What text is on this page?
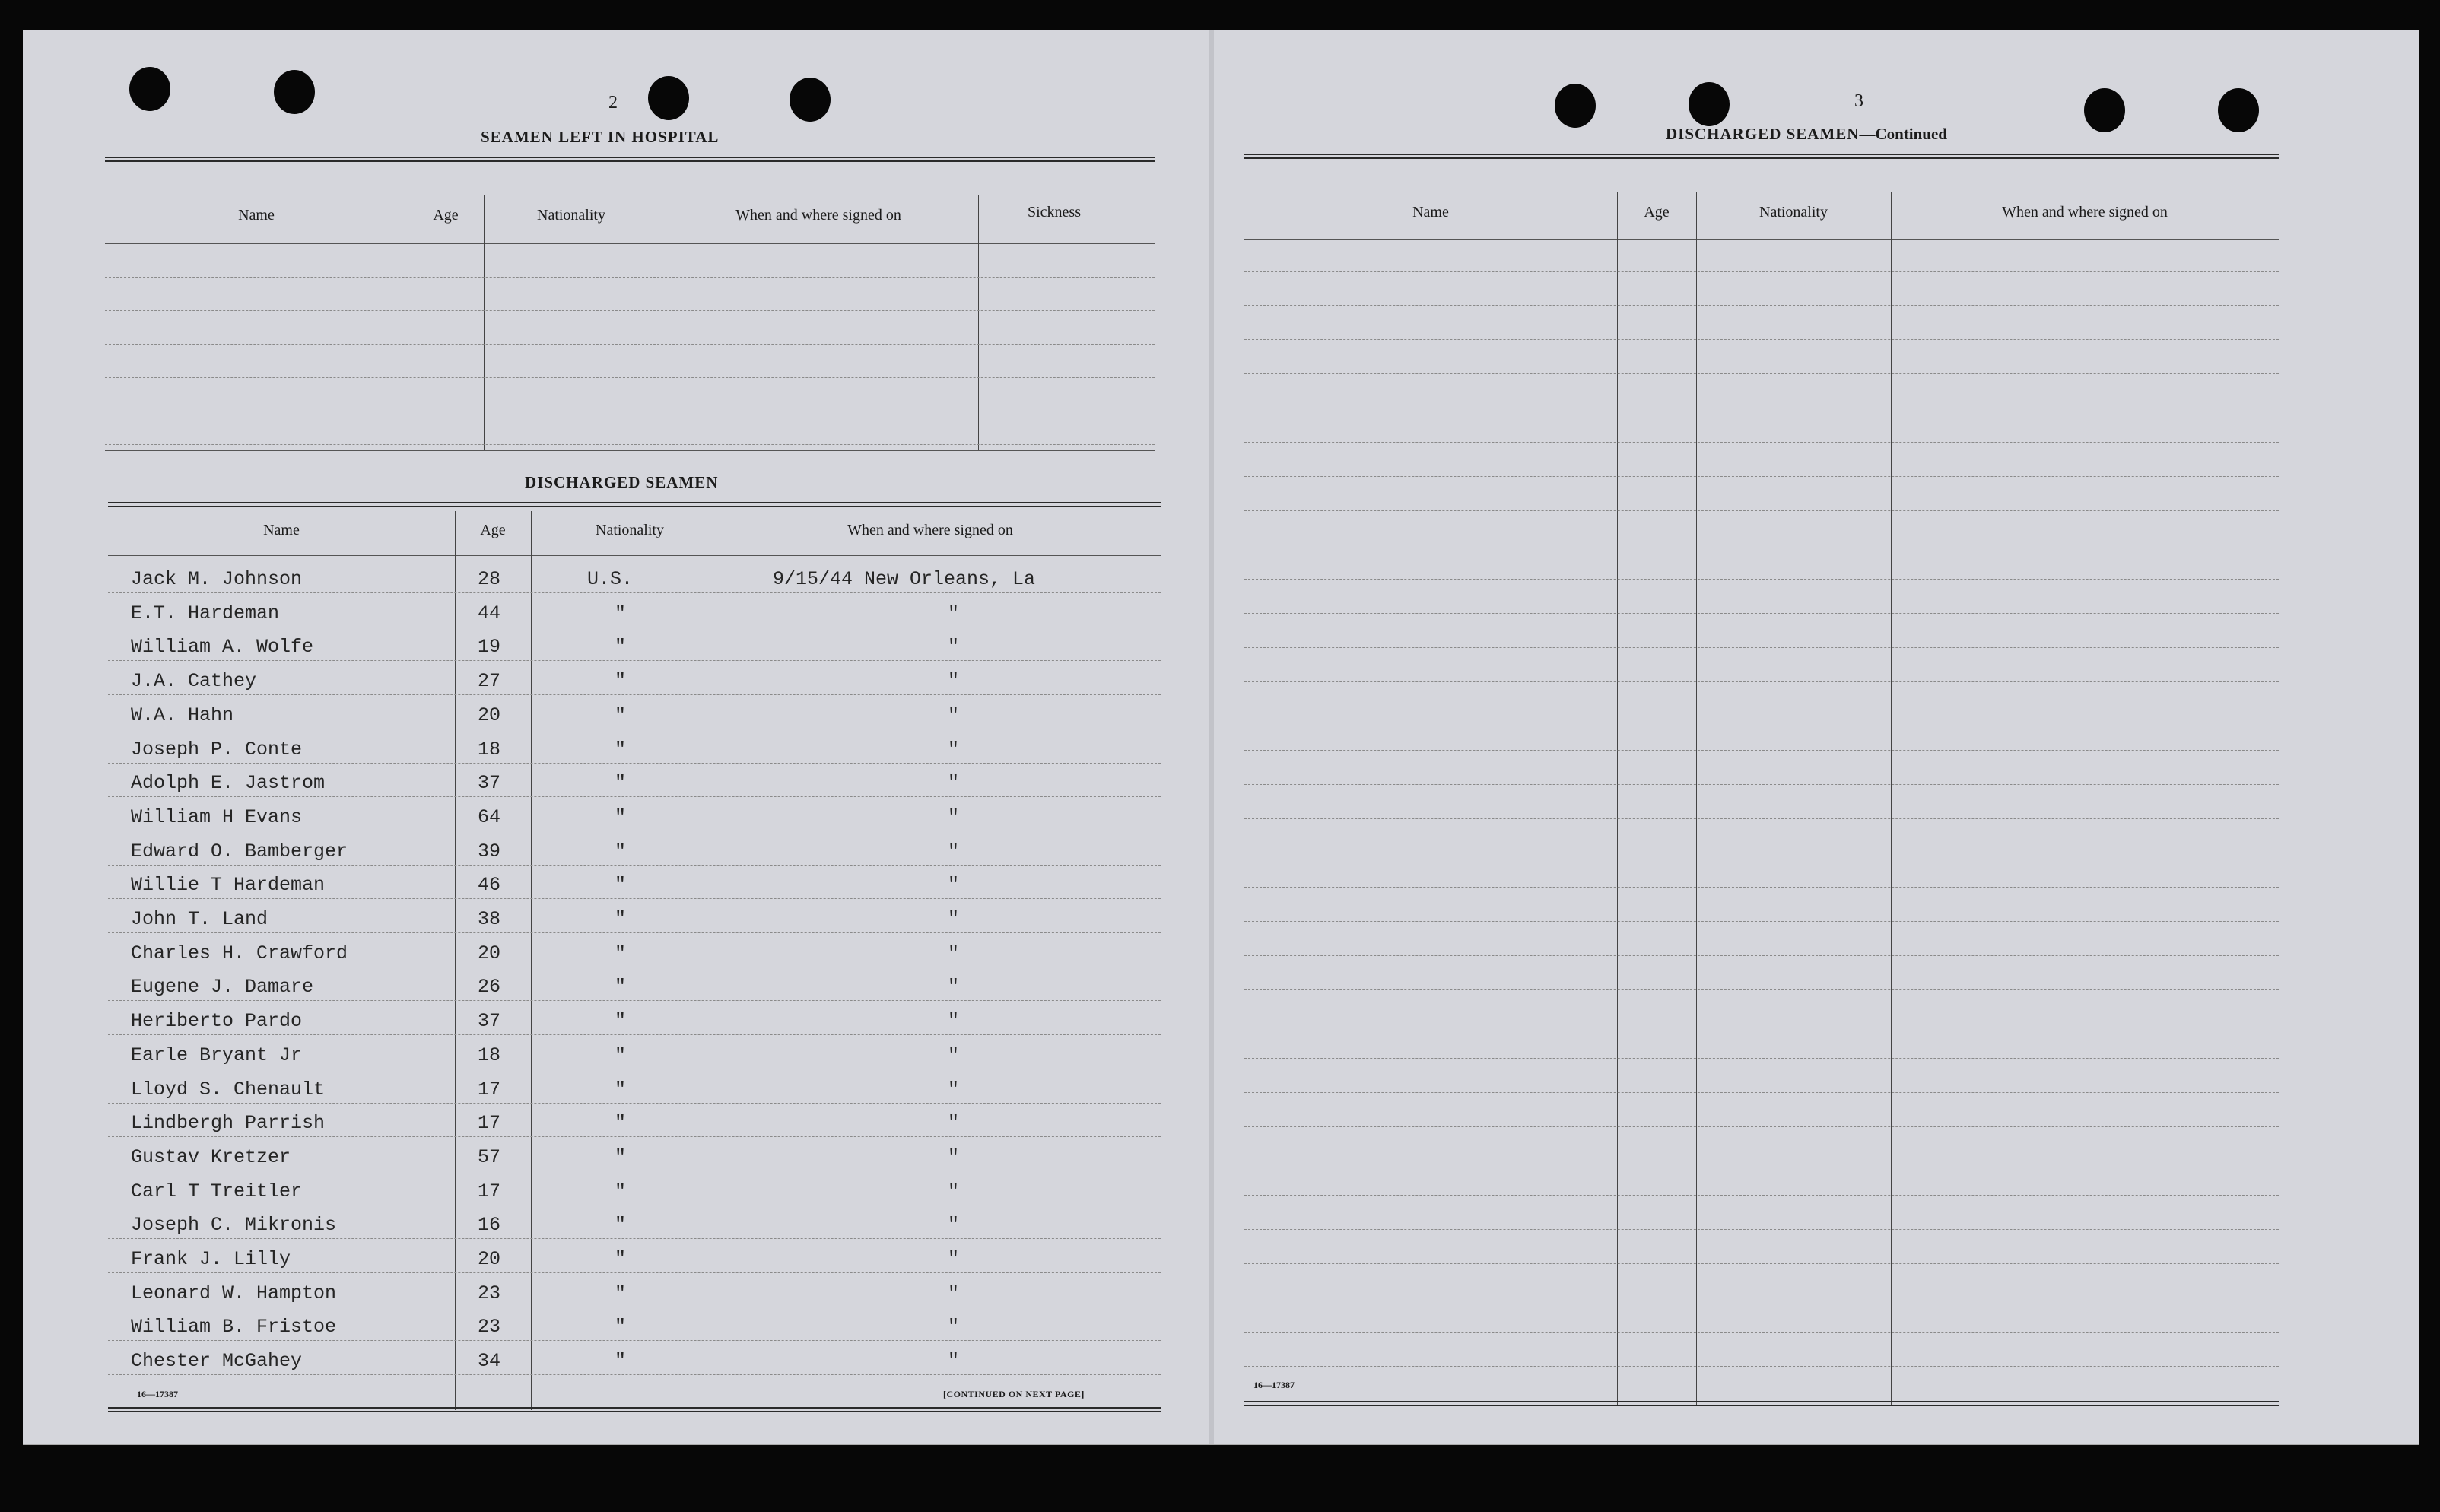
2
SEAMEN LEFT IN HOSPITAL
Name	Age	Nationality	When and where signed on	Sickness
DISCHARGED SEAMEN
Name	Age	Nationality	When and where signed on
Jack M. Johnson	28	U.S.	9/15/44 New Orleans, La
E.T. Hardeman	44	"	"
William A. Wolfe	19	"	"
J.A. Cathey	27	"	"
W.A. Hahn	20	"	"
Joseph P. Conte	18	"	"
Adolph E. Jastrom	37	"	"
William H Evans	64	"	"
Edward O. Bamberger	39	"	"
Willie T Hardeman	46	"	"
John T. Land	38	"	"
Charles H. Crawford	20	"	"
Eugene J. Damare	26	"	"
Heriberto Pardo	37	"	"
Earle Bryant Jr	18	"	"
Lloyd S. Chenault	17	"	"
Lindbergh Parrish	17	"	"
Gustav Kretzer	57	"	"
Carl T Treitler	17	"	"
Joseph C. Mikronis	16	"	"
Frank J. Lilly	20	"	"
Leonard W. Hampton	23	"	"
William B. Fristoe	23	"	"
Chester McGahey	34	"	"
16—17387	[CONTINUED ON NEXT PAGE]
3
DISCHARGED SEAMEN—Continued
Name	Age	Nationality	When and where signed on
16—17387
